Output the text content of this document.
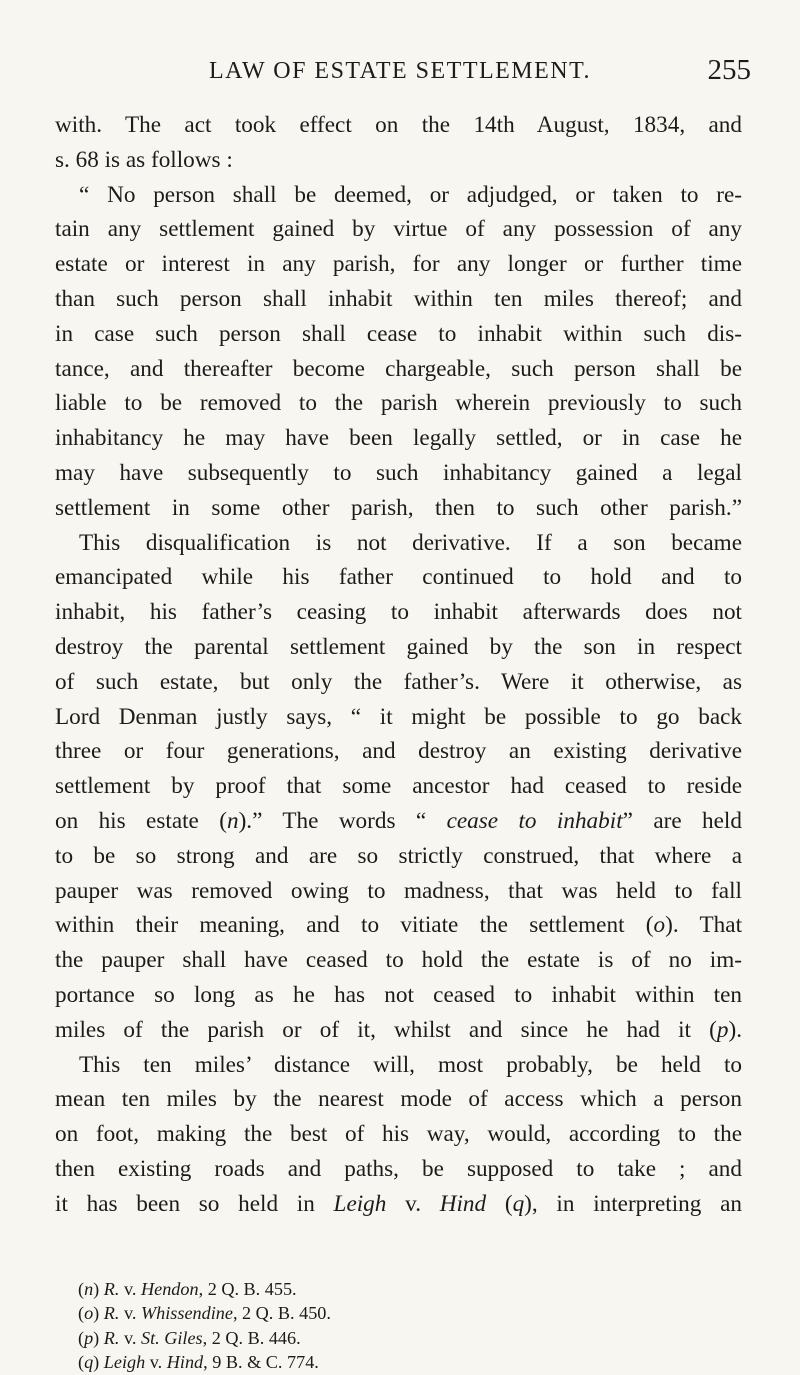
LAW OF ESTATE SETTLEMENT.	255
with. The act took effect on the 14th August, 1834, and
s. 68 is as follows :
“ No person shall be deemed, or adjudged, or taken to re-
tain any settlement gained by virtue of any possession of any
estate or interest in any parish, for any longer or further time
than such person shall inhabit within ten miles thereof; and
in case such person shall cease to inhabit within such dis-
tance, and thereafter become chargeable, such person shall be
liable to be removed to the parish wherein previously to such
inhabitancy he may have been legally settled, or in case he
may have subsequently to such inhabitancy gained a legal
settlement in some other parish, then to such other parish.”
This disqualification is not derivative. If a son became
emancipated while his father continued to hold and to
inhabit, his father’s ceasing to inhabit afterwards does not
destroy the parental settlement gained by the son in respect
of such estate, but only the father’s. Were it otherwise, as
Lord Denman justly says, “ it might be possible to go back
three or four generations, and destroy an existing derivative
settlement by proof that some ancestor had ceased to reside
on his estate (n).” The words “ cease to inhabit” are held
to be so strong and are so strictly construed, that where a
pauper was removed owing to madness, that was held to fall
within their meaning, and to vitiate the settlement (o). That
the pauper shall have ceased to hold the estate is of no im-
portance so long as he has not ceased to inhabit within ten
miles of the parish or of it, whilst and since he had it (p).
This ten miles’ distance will, most probably, be held to
mean ten miles by the nearest mode of access which a person
on foot, making the best of his way, would, according to the
then existing roads and paths, be supposed to take ; and
it has been so held in Leigh v. Hind (q), in interpreting an
(n) R. v. Hendon, 2 Q. B. 455.
(o) R. v. Whissendine, 2 Q. B. 450.
(p) R. v. St. Giles, 2 Q. B. 446.
(q) Leigh v. Hind, 9 B. & C. 774.
